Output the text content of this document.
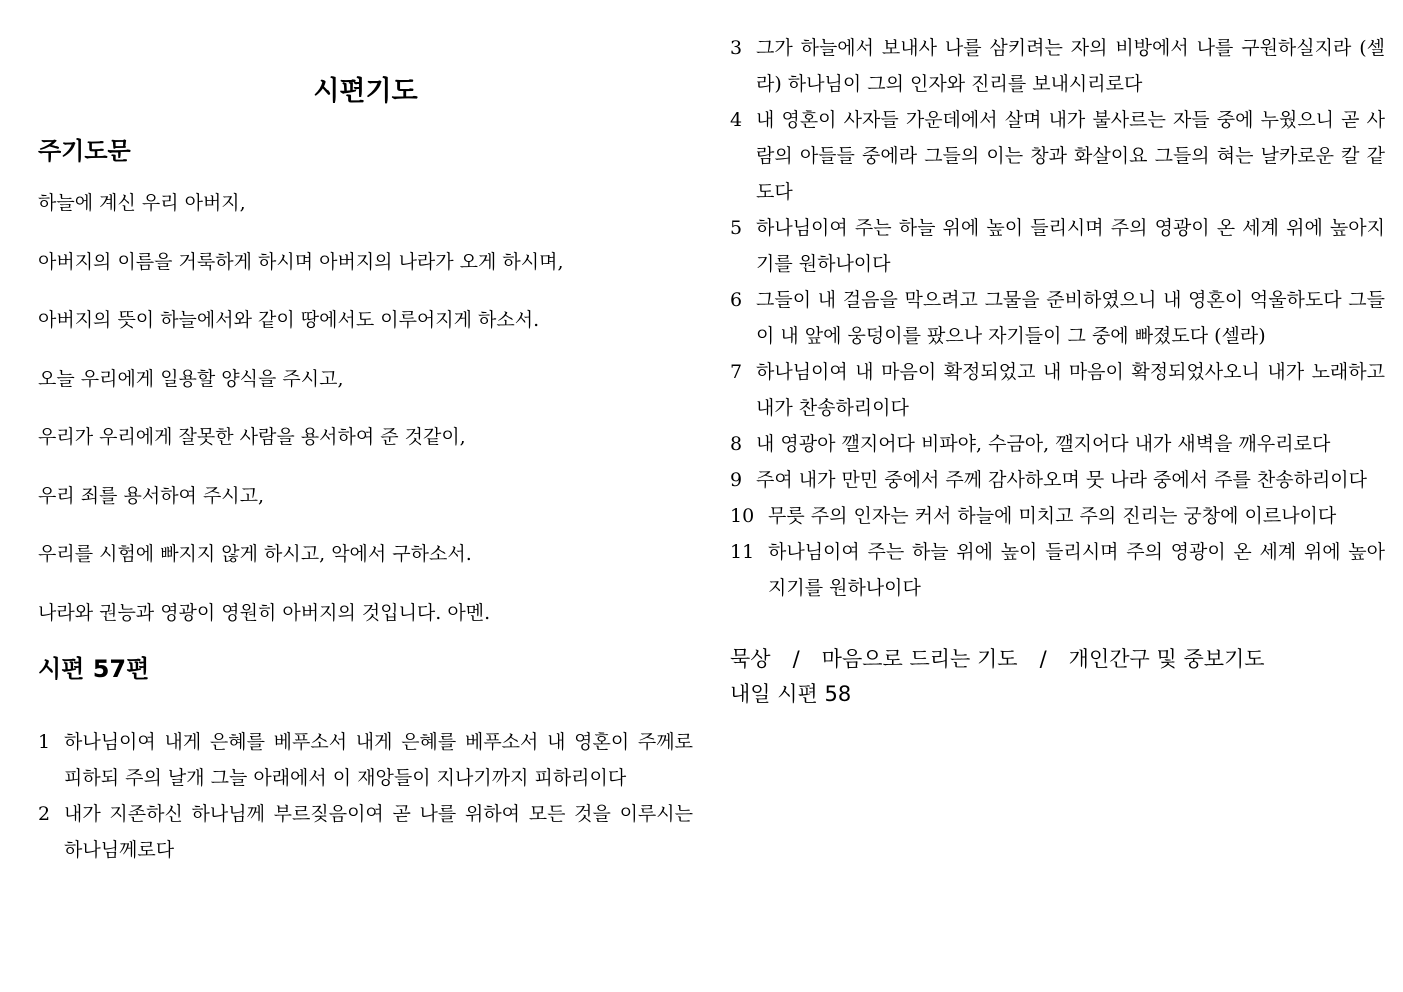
시편기도
주기도문
하늘에 계신 우리 아버지,
아버지의 이름을 거룩하게 하시며 아버지의 나라가 오게 하시며,
아버지의 뜻이 하늘에서와 같이 땅에서도 이루어지게 하소서.
오늘 우리에게 일용할 양식을 주시고,
우리가 우리에게 잘못한 사람을 용서하여 준 것같이,
우리 죄를 용서하여 주시고,
우리를 시험에 빠지지 않게 하시고, 악에서 구하소서.
나라와 권능과 영광이 영원히 아버지의 것입니다. 아멘.
시편 57편
1 하나님이여 내게 은혜를 베푸소서 내게 은혜를 베푸소서 내 영혼이 주께로 피하되 주의 날개 그늘 아래에서 이 재앙들이 지나기까지 피하리이다
2 내가 지존하신 하나님께 부르짖음이여 곧 나를 위하여 모든 것을 이루시는 하나님께로다
3 그가 하늘에서 보내사 나를 삼키려는 자의 비방에서 나를 구원하실지라 (셀라) 하나님이 그의 인자와 진리를 보내시리로다
4 내 영혼이 사자들 가운데에서 살며 내가 불사르는 자들 중에 누웠으니 곧 사람의 아들들 중에라 그들의 이는 창과 화살이요 그들의 혀는 날카로운 칼 같도다
5 하나님이여 주는 하늘 위에 높이 들리시며 주의 영광이 온 세계 위에 높아지기를 원하나이다
6 그들이 내 걸음을 막으려고 그물을 준비하였으니 내 영혼이 억울하도다 그들이 내 앞에 웅덩이를 팠으나 자기들이 그 중에 빠졌도다 (셀라)
7 하나님이여 내 마음이 확정되었고 내 마음이 확정되었사오니 내가 노래하고 내가 찬송하리이다
8 내 영광아 깰지어다 비파야, 수금아, 깰지어다 내가 새벽을 깨우리로다
9 주여 내가 만민 중에서 주께 감사하오며 뭇 나라 중에서 주를 찬송하리이다
10 무릇 주의 인자는 커서 하늘에 미치고 주의 진리는 궁창에 이르나이다
11 하나님이여 주는 하늘 위에 높이 들리시며 주의 영광이 온 세계 위에 높아지기를 원하나이다
묵상 / 마음으로 드리는 기도 / 개인간구 및 중보기도
내일 시편 58
